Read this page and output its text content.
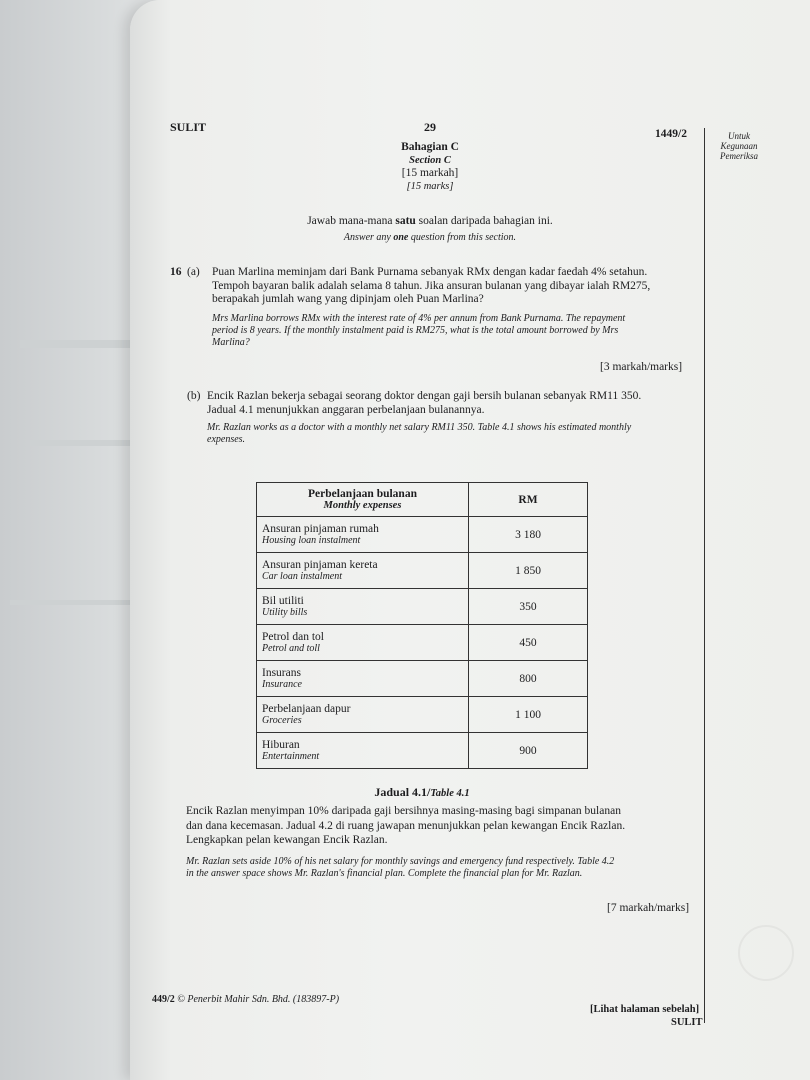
SULIT	29	1449/2	Untuk
Kegunaan
Pemeriksa
Bahagian C
Section C
[15 markah]
[15 marks]
Jawab mana-mana satu soalan daripada bahagian ini.
Answer any one question from this section.
16 (a) Puan Marlina meminjam dari Bank Purnama sebanyak RMx dengan kadar faedah 4% setahun.
Tempoh bayaran balik adalah selama 8 tahun. Jika ansuran bulanan yang dibayar ialah RM275,
berapakah jumlah wang yang dipinjam oleh Puan Marlina?
Mrs Marlina borrows RMx with the interest rate of 4% per annum from Bank Purnama. The repayment
period is 8 years. If the monthly instalment paid is RM275, what is the total amount borrowed by Mrs
Marlina?
[3 markah/marks]
(b) Encik Razlan bekerja sebagai seorang doktor dengan gaji bersih bulanan sebanyak RM11 350.
Jadual 4.1 menunjukkan anggaran perbelanjaan bulanannya.
Mr. Razlan works as a doctor with a monthly net salary RM11 350. Table 4.1 shows his estimated monthly
expenses.
Perbelanjaan bulanan
Monthly expenses	RM
Ansuran pinjaman rumah
Housing loan instalment	3 180
Ansuran pinjaman kereta
Car loan instalment	1 850
Bil utiliti
Utility bills	350
Petrol dan tol
Petrol and toll	450
Insurans
Insurance	800
Perbelanjaan dapur
Groceries	1 100
Hiburan
Entertainment	900
Jadual 4.1/Table 4.1
Encik Razlan menyimpan 10% daripada gaji bersihnya masing-masing bagi simpanan bulanan
dan dana kecemasan. Jadual 4.2 di ruang jawapan menunjukkan pelan kewangan Encik Razlan.
Lengkapkan pelan kewangan Encik Razlan.
Mr. Razlan sets aside 10% of his net salary for monthly savings and emergency fund respectively. Table 4.2
in the answer space shows Mr. Razlan's financial plan. Complete the financial plan for Mr. Razlan.
[7 markah/marks]
449/2 © Penerbit Mahir Sdn. Bhd. (183897-P)
[Lihat halaman sebelah]
SULIT
